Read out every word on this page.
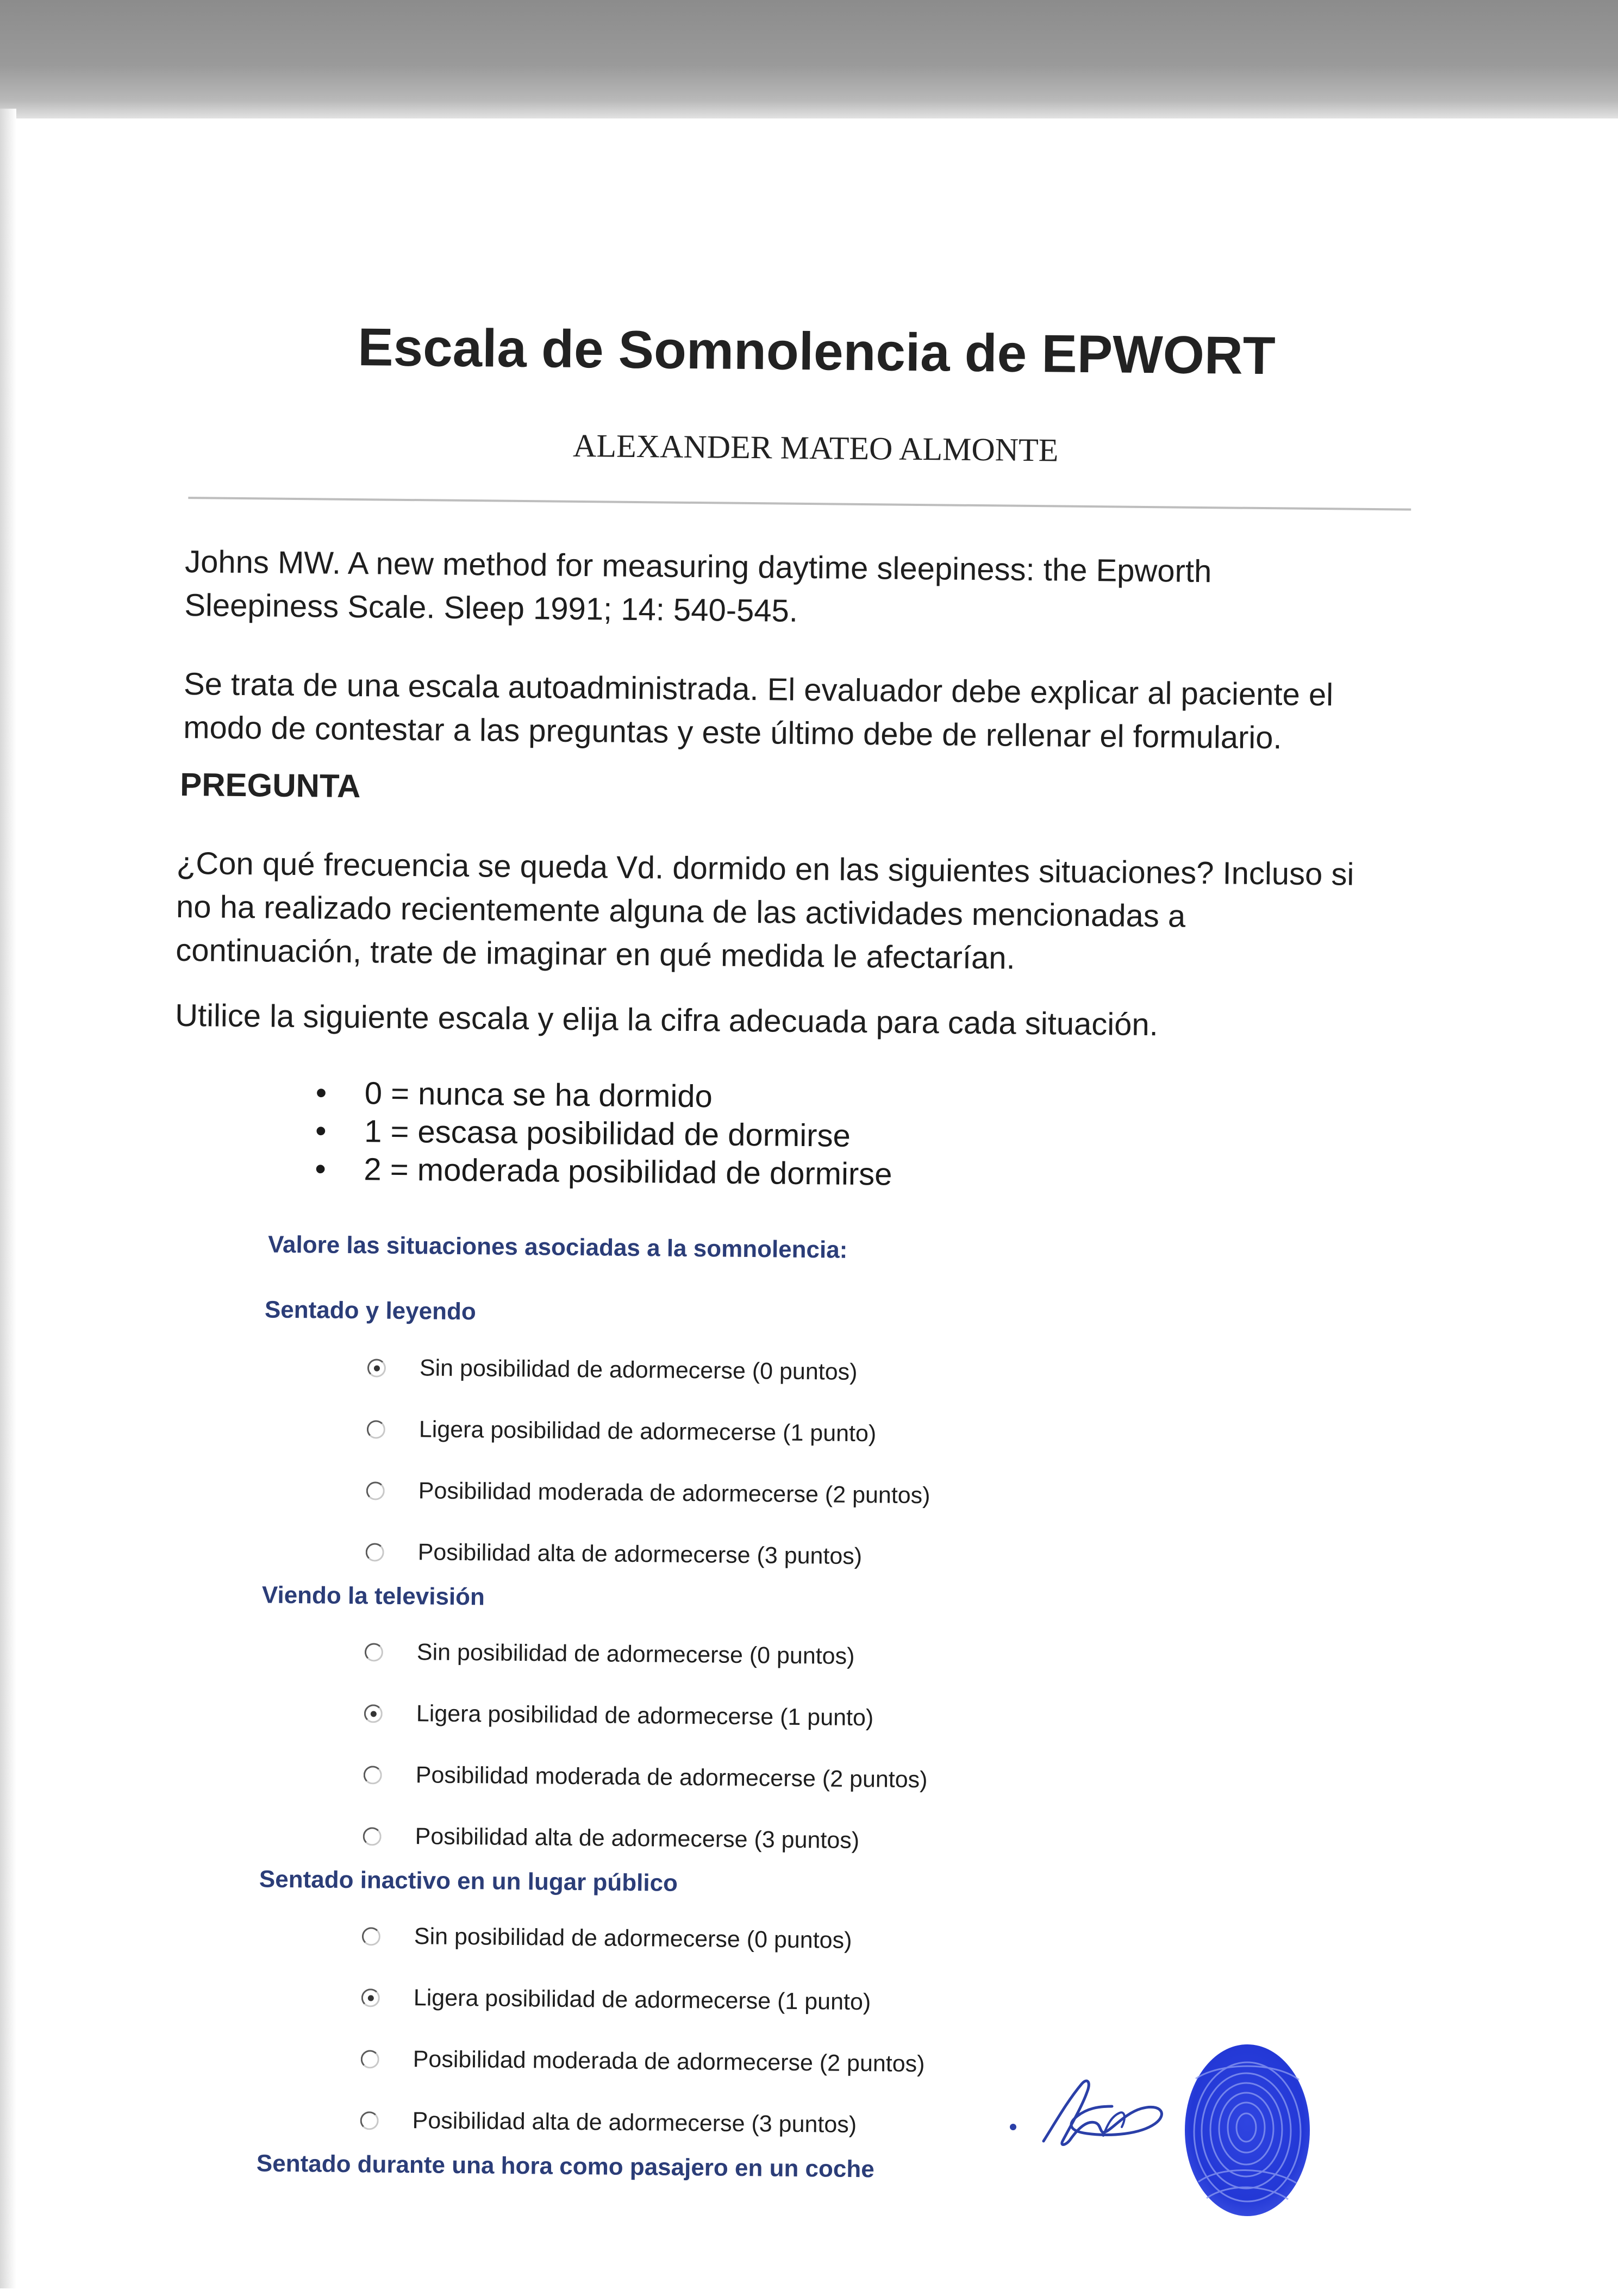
Escala de Somnolencia de EPWORT
ALEXANDER MATEO ALMONTE
Johns MW. A new method for measuring daytime sleepiness: the Epworth
Sleepiness Scale. Sleep 1991; 14: 540-545.
Se trata de una escala autoadministrada. El evaluador debe explicar al paciente el
modo de contestar a las preguntas y este último debe de rellenar el formulario.
PREGUNTA
¿Con qué frecuencia se queda Vd. dormido en las siguientes situaciones? Incluso si
no ha realizado recientemente alguna de las actividades mencionadas a
continuación, trate de imaginar en qué medida le afectarían.
Utilice la siguiente escala y elija la cifra adecuada para cada situación.
• 0 = nunca se ha dormido
• 1 = escasa posibilidad de dormirse
• 2 = moderada posibilidad de dormirse
Valore las situaciones asociadas a la somnolencia:
Sentado y leyendo
Sin posibilidad de adormecerse (0 puntos)
Ligera posibilidad de adormecerse (1 punto)
Posibilidad moderada de adormecerse (2 puntos)
Posibilidad alta de adormecerse (3 puntos)
Viendo la televisión
Sin posibilidad de adormecerse (0 puntos)
Ligera posibilidad de adormecerse (1 punto)
Posibilidad moderada de adormecerse (2 puntos)
Posibilidad alta de adormecerse (3 puntos)
Sentado inactivo en un lugar público
Sin posibilidad de adormecerse (0 puntos)
Ligera posibilidad de adormecerse (1 punto)
Posibilidad moderada de adormecerse (2 puntos)
Posibilidad alta de adormecerse (3 puntos)
Sentado durante una hora como pasajero en un coche
